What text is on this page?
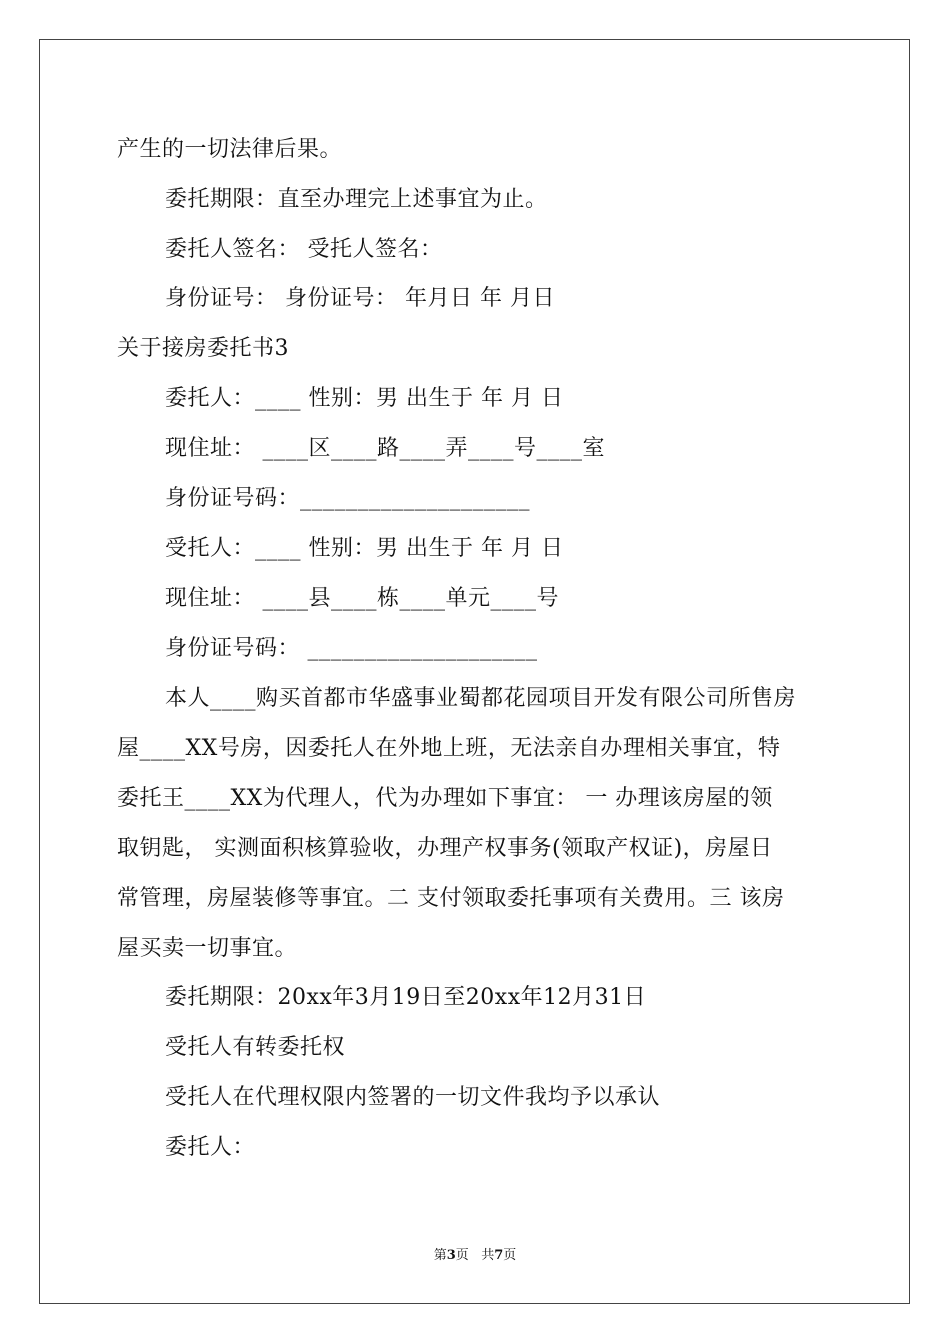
产生的一切法律后果。
委托期限：直至办理完上述事宜为止。
委托人签名： 受托人签名：
身份证号： 身份证号： 年月日 年 月日
关于接房委托书3
委托人：____ 性别：男 出生于 年 月 日
现住址： ____区____路____弄____号____室
身份证号码：____________________
受托人：____ 性别：男 出生于 年 月 日
现住址： ____县____栋____单元____号
身份证号码： ____________________
本人____购买首都市华盛事业蜀都花园项目开发有限公司所售房
屋____XX号房，因委托人在外地上班，无法亲自办理相关事宜，特
委托王____XX为代理人，代为办理如下事宜： 一 办理该房屋的领
取钥匙， 实测面积核算验收，办理产权事务(领取产权证)，房屋日
常管理，房屋装修等事宜。二 支付领取委托事项有关费用。三 该房
屋买卖一切事宜。
委托期限：20xx年3月19日至20xx年12月31日
受托人有转委托权
受托人在代理权限内签署的一切文件我均予以承认
委托人：
第3页   共7页
